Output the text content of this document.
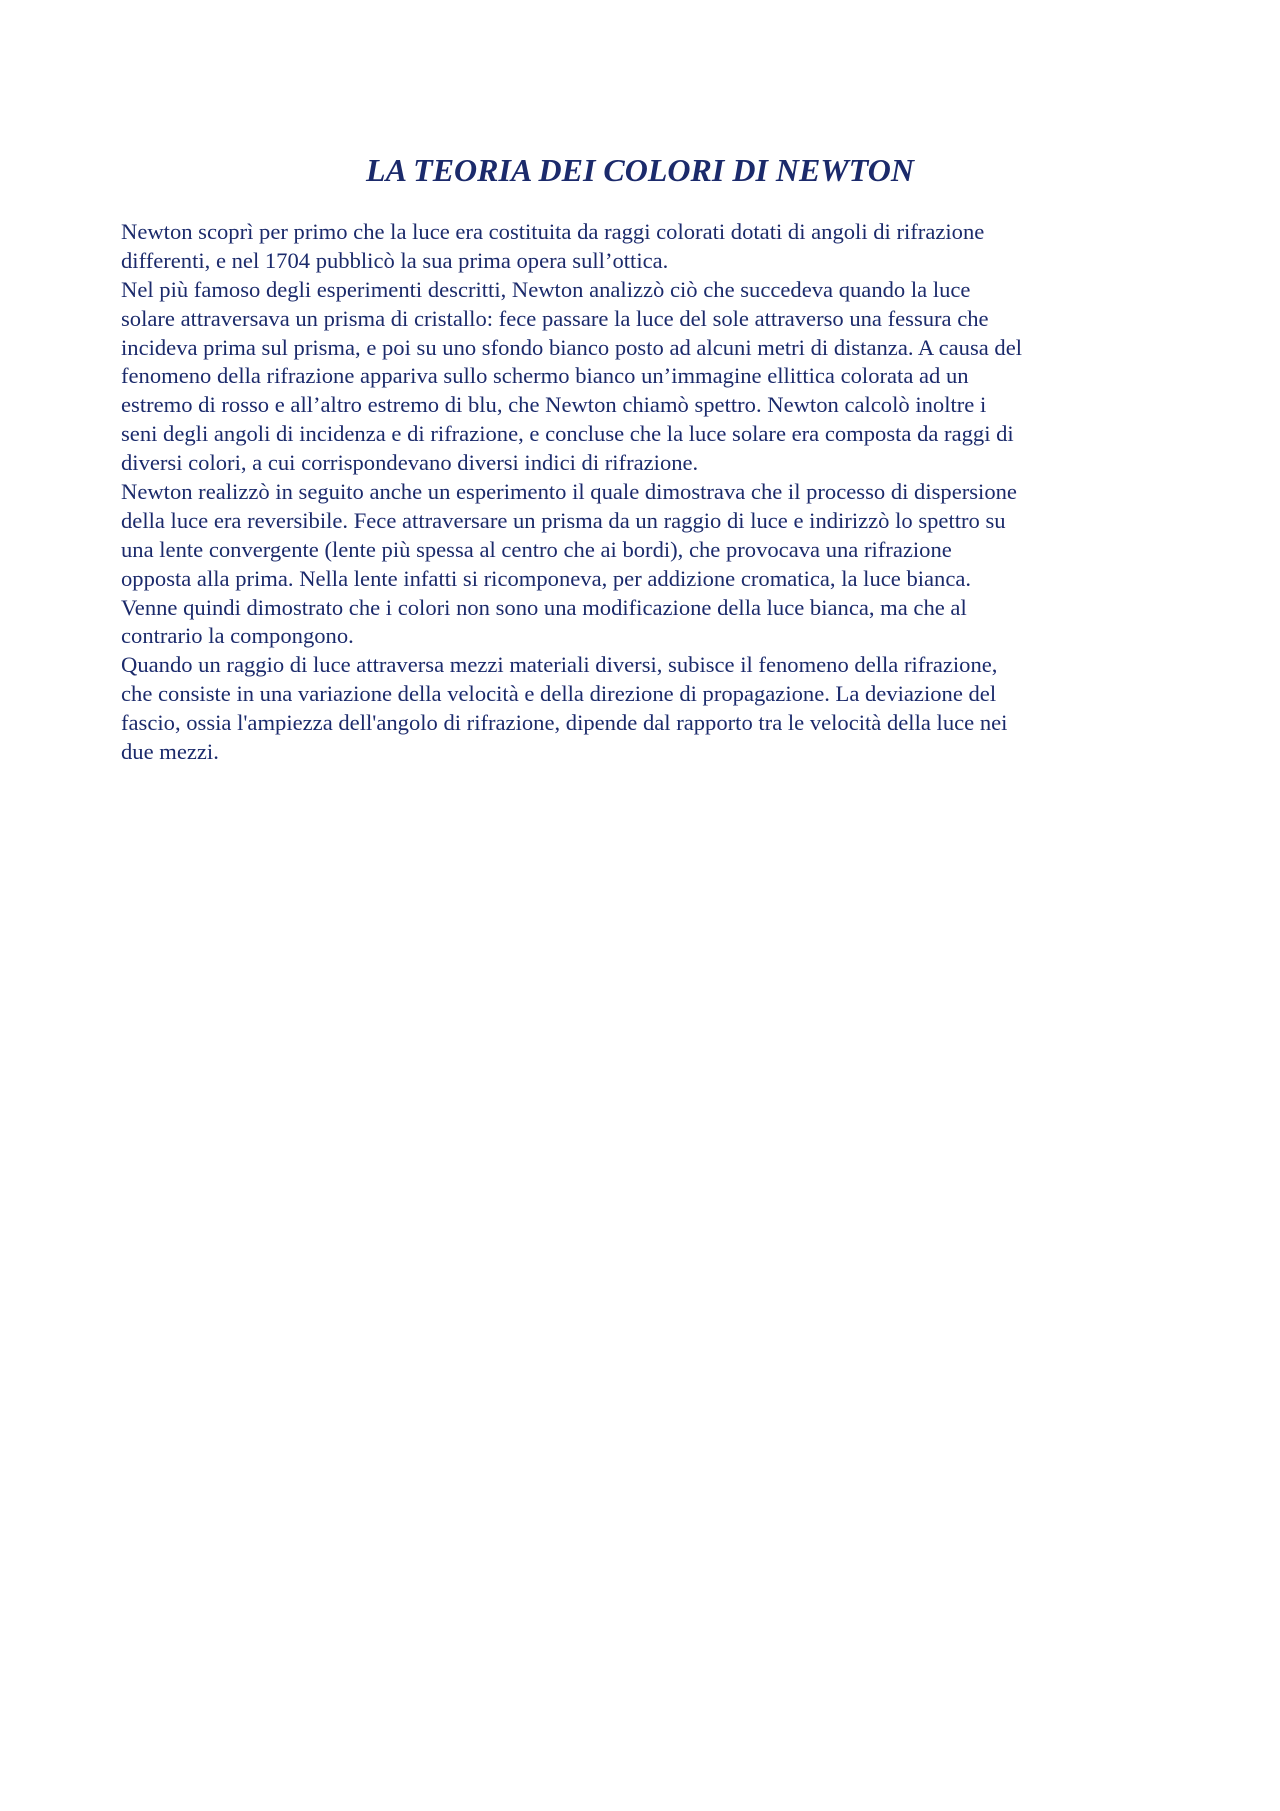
LA TEORIA DEI COLORI DI NEWTON
Newton scoprì per primo che la luce era costituita da raggi colorati dotati di angoli di rifrazione
differenti, e nel 1704 pubblicò la sua prima opera sull’ottica.
Nel più famoso degli esperimenti descritti, Newton analizzò ciò che succedeva quando la luce
solare attraversava un prisma di cristallo: fece passare la luce del sole attraverso una fessura che
incideva prima sul prisma, e poi su uno sfondo bianco posto ad alcuni metri di distanza. A causa del
fenomeno della rifrazione appariva sullo schermo bianco un’immagine ellittica colorata ad un
estremo di rosso e all’altro estremo di blu, che Newton chiamò spettro. Newton calcolò inoltre i
seni degli angoli di incidenza e di rifrazione, e concluse che la luce solare era composta da raggi di
diversi colori, a cui corrispondevano diversi indici di rifrazione.
Newton realizzò in seguito anche un esperimento il quale dimostrava che il processo di dispersione
della luce era reversibile. Fece attraversare un prisma da un raggio di luce e indirizzò lo spettro su
una lente convergente (lente più spessa al centro che ai bordi), che provocava una rifrazione
opposta alla prima. Nella lente infatti si ricomponeva, per addizione cromatica, la luce bianca.
Venne quindi dimostrato che i colori non sono una modificazione della luce bianca, ma che al
contrario la compongono.
Quando un raggio di luce attraversa mezzi materiali diversi, subisce il fenomeno della rifrazione,
che consiste in una variazione della velocità e della direzione di propagazione. La deviazione del
fascio, ossia l'ampiezza dell'angolo di rifrazione, dipende dal rapporto tra le velocità della luce nei
due mezzi.
